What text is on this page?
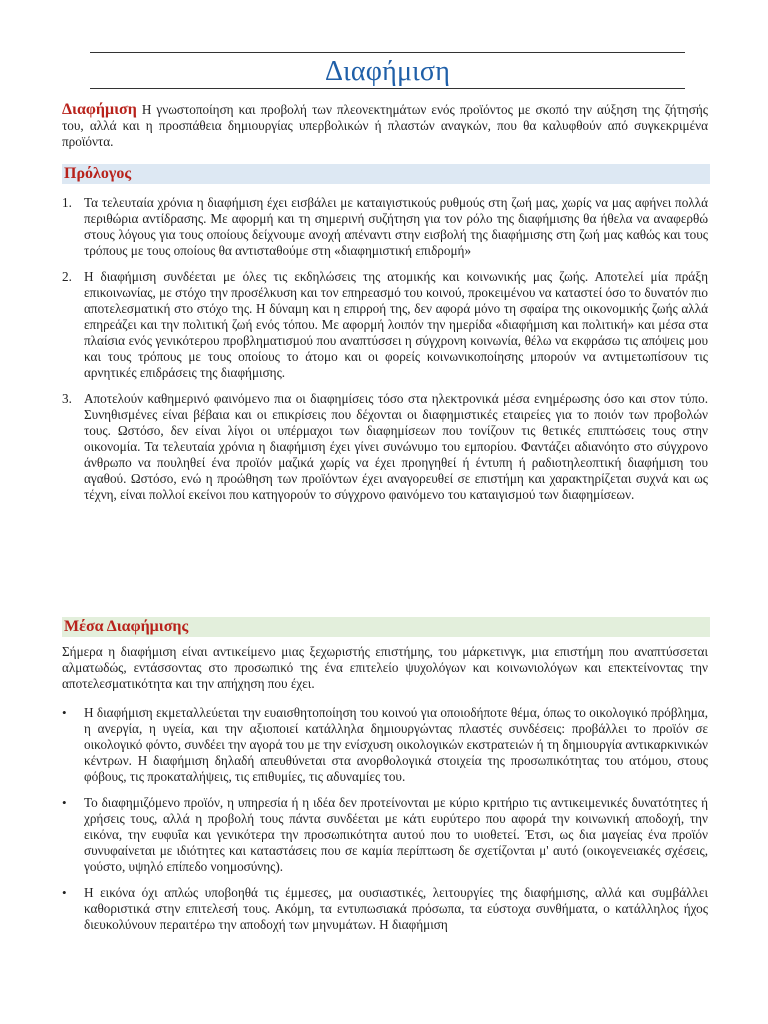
Διαφήμιση
Διαφήμιση Η γνωστοποίηση και προβολή των πλεονεκτημάτων ενός προϊόντος με σκοπό την αύξηση της ζήτησής του, αλλά και η προσπάθεια δημιουργίας υπερβολικών ή πλαστών αναγκών, που θα καλυφθούν από συγκεκριμένα προϊόντα.
Πρόλογος
1. Τα τελευταία χρόνια η διαφήμιση έχει εισβάλει με καταιγιστικούς ρυθμούς στη ζωή μας, χωρίς να μας αφήνει πολλά περιθώρια αντίδρασης. Με αφορμή και τη σημερινή συζήτηση για τον ρόλο της διαφήμισης θα ήθελα να αναφερθώ στους λόγους για τους οποίους δείχνουμε ανοχή απέναντι στην εισβολή της διαφήμισης στη ζωή μας καθώς και τους τρόπους με τους οποίους θα αντισταθούμε στη «διαφημιστική επιδρομή»
2. Η διαφήμιση συνδέεται με όλες τις εκδηλώσεις της ατομικής και κοινωνικής μας ζωής. Αποτελεί μία πράξη επικοινωνίας, με στόχο την προσέλκυση και τον επηρεασμό του κοινού, προκειμένου να καταστεί όσο το δυνατόν πιο αποτελεσματική στο στόχο της. Η δύναμη και η επιρροή της, δεν αφορά μόνο τη σφαίρα της οικονομικής ζωής αλλά επηρεάζει και την πολιτική ζωή ενός τόπου. Με αφορμή λοιπόν την ημερίδα «διαφήμιση και πολιτική» και μέσα στα πλαίσια ενός γενικότερου προβληματισμού που αναπτύσσει η σύγχρονη κοινωνία, θέλω να εκφράσω τις απόψεις μου και τους τρόπους με τους οποίους το άτομο και οι φορείς κοινωνικοποίησης μπορούν να αντιμετωπίσουν τις αρνητικές επιδράσεις της διαφήμισης.
3. Αποτελούν καθημερινό φαινόμενο πια οι διαφημίσεις τόσο στα ηλεκτρονικά μέσα ενημέρωσης όσο και στον τύπο. Συνηθισμένες είναι βέβαια και οι επικρίσεις που δέχονται οι διαφημιστικές εταιρείες για το ποιόν των προβολών τους. Ωστόσο, δεν είναι λίγοι οι υπέρμαχοι των διαφημίσεων που τονίζουν τις θετικές επιπτώσεις τους στην οικονομία. Τα τελευταία χρόνια η διαφήμιση έχει γίνει συνώνυμο του εμπορίου. Φαντάζει αδιανόητο στο σύγχρονο άνθρωπο να πουληθεί ένα προϊόν μαζικά χωρίς να έχει προηγηθεί ή έντυπη ή ραδιοτηλεοπτική διαφήμιση του αγαθού. Ωστόσο, ενώ η προώθηση των προϊόντων έχει αναγορευθεί σε επιστήμη και χαρακτηρίζεται συχνά και ως τέχνη, είναι πολλοί εκείνοι που κατηγορούν το σύγχρονο φαινόμενο του καταιγισμού των διαφημίσεων.
Μέσα Διαφήμισης
Σήμερα η διαφήμιση είναι αντικείμενο μιας ξεχωριστής επιστήμης, του μάρκετινγκ, μια επιστήμη που αναπτύσσεται αλματωδώς, εντάσσοντας στο προσωπικό της ένα επιτελείο ψυχολόγων και κοινωνιολόγων και επεκτείνοντας την αποτελεσματικότητα και την απήχηση που έχει.
• Η διαφήμιση εκμεταλλεύεται την ευαισθητοποίηση του κοινού για οποιοδήποτε θέμα, όπως το οικολογικό πρόβλημα, η ανεργία, η υγεία, και την αξιοποιεί κατάλληλα δημιουργώντας πλαστές συνδέσεις: προβάλλει το προϊόν σε οικολογικό φόντο, συνδέει την αγορά του με την ενίσχυση οικολογικών εκστρατειών ή τη δημιουργία αντικαρκινικών κέντρων. Η διαφήμιση δηλαδή απευθύνεται στα ανορθολογικά στοιχεία της προσωπικότητας του ατόμου, στους φόβους, τις προκαταλήψεις, τις επιθυμίες, τις αδυναμίες του.
• Το διαφημιζόμενο προϊόν, η υπηρεσία ή η ιδέα δεν προτείνονται με κύριο κριτήριο τις αντικειμενικές δυνατότητες ή χρήσεις τους, αλλά η προβολή τους πάντα συνδέεται με κάτι ευρύτερο που αφορά την κοινωνική αποδοχή, την εικόνα, την ευφυΐα και γενικότερα την προσωπικότητα αυτού που το υιοθετεί. Έτσι, ως δια μαγείας ένα προϊόν συνυφαίνεται με ιδιότητες και καταστάσεις που σε καμία περίπτωση δε σχετίζονται μ' αυτό (οικογενειακές σχέσεις, γούστο, υψηλό επίπεδο νοημοσύνης).
• Η εικόνα όχι απλώς υποβοηθά τις έμμεσες, μα ουσιαστικές, λειτουργίες της διαφήμισης, αλλά και συμβάλλει καθοριστικά στην επιτελεσή τους. Ακόμη, τα εντυπωσιακά πρόσωπα, τα εύστοχα συνθήματα, ο κατάλληλος ήχος διευκολύνουν περαιτέρω την αποδοχή των μηνυμάτων. Η διαφήμιση
